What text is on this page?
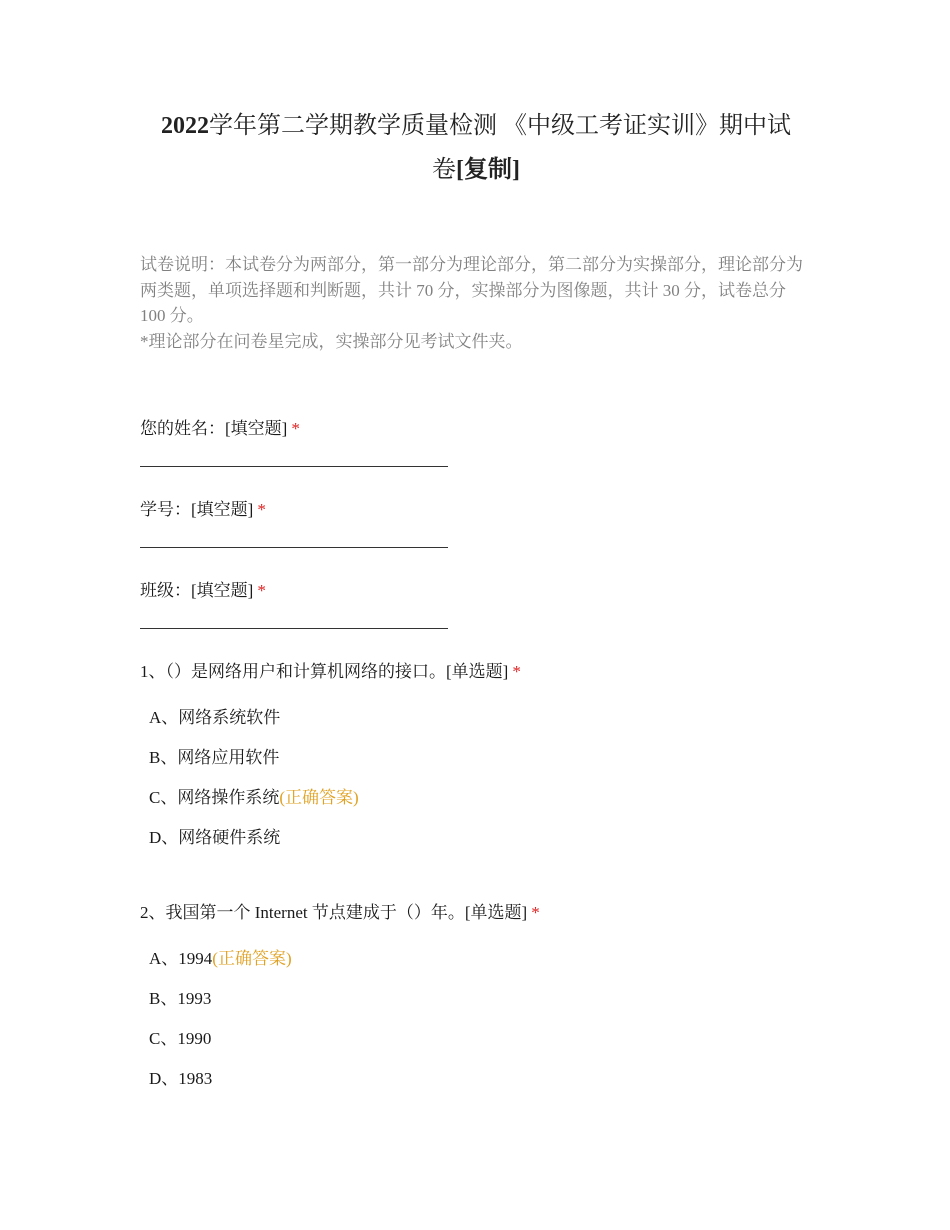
2022学年第二学期教学质量检测 《中级工考证实训》期中试
卷[复制]
试卷说明：本试卷分为两部分，第一部分为理论部分，第二部分为实操部分，理论部分为两类题，单项选择题和判断题，共计 70 分，实操部分为图像题，共计 30 分，试卷总分 100 分。
*理论部分在问卷星完成，实操部分见考试文件夹。
您的姓名：[填空题] *
学号：[填空题] *
班级：[填空题] *
1、（）是网络用户和计算机网络的接口。[单选题] *
A、网络系统软件
B、网络应用软件
C、网络操作系统(正确答案)
D、网络硬件系统
2、我国第一个 Internet 节点建成于（）年。[单选题] *
A、1994(正确答案)
B、1993
C、1990
D、1983
